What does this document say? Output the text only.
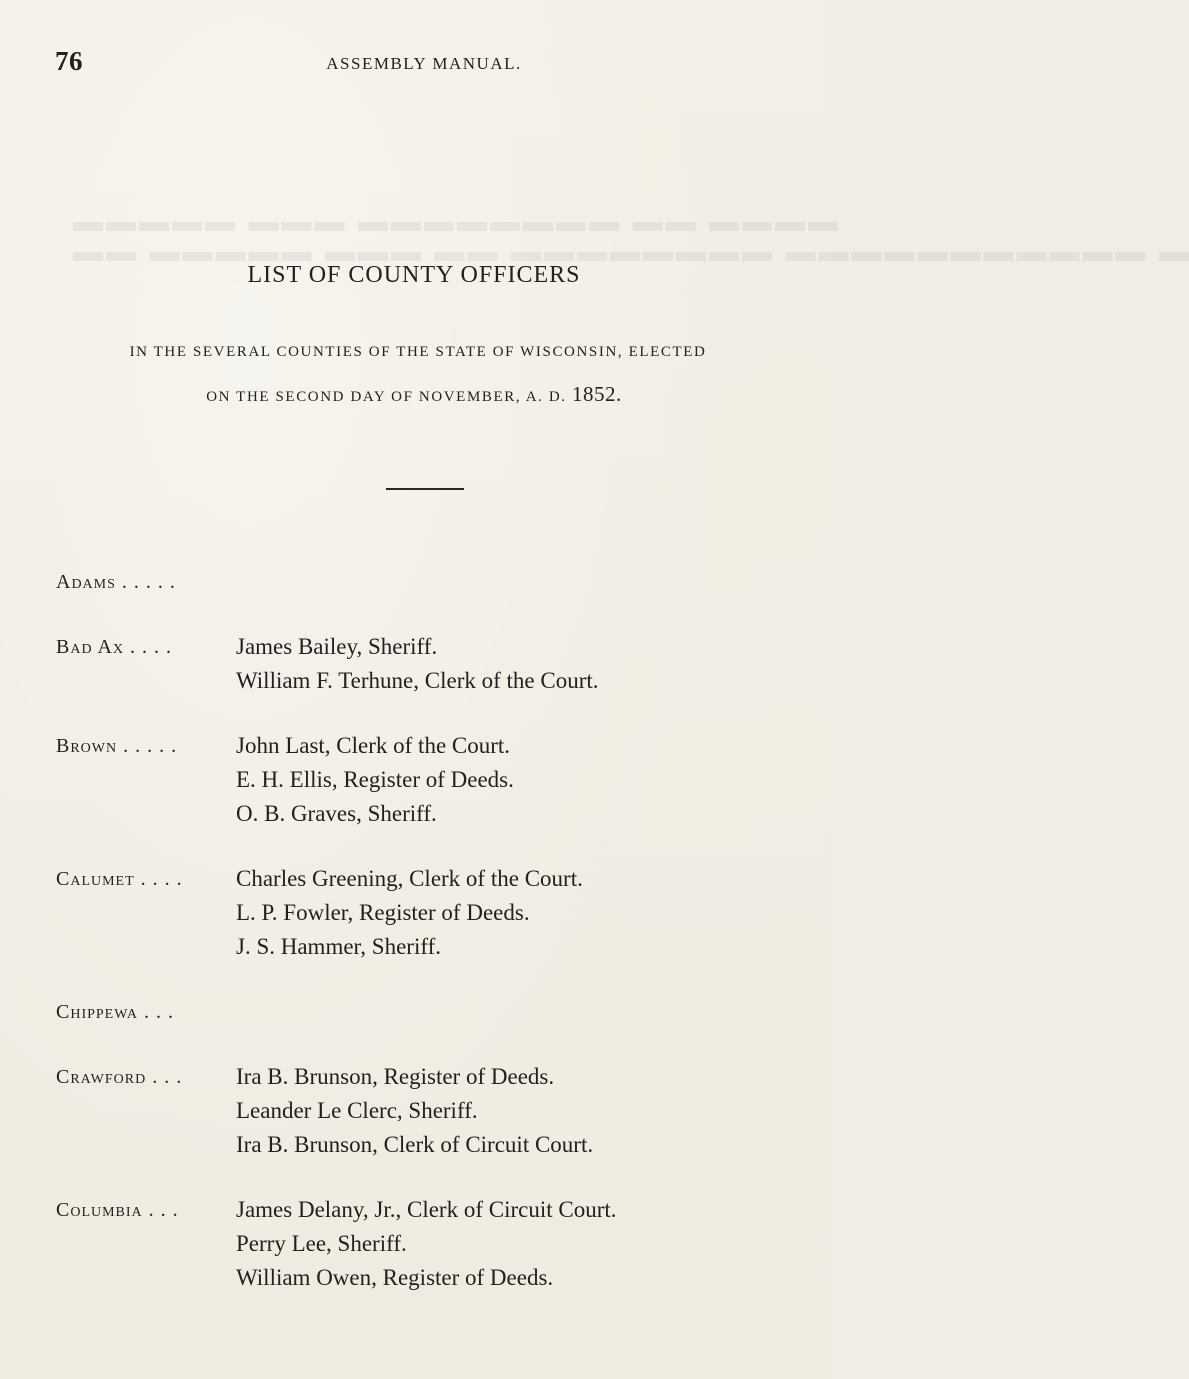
▬▬▬▬ ▬▬ ▬▬▬▬▬▬▬▬ ▬▬▬ ▬▬▬▬▬
▬ ▬▬▬▬▬▬▬▬▬▬▬ ▬▬▬▬▬▬▬▬ ▬▬ ▬▬▬ ▬▬▬▬▬ ▬▬
76	ASSEMBLY MANUAL.
LIST OF COUNTY OFFICERS
IN THE SEVERAL COUNTIES OF THE STATE OF WISCONSIN, ELECTED
ON THE SECOND DAY OF NOVEMBER, A. D. 1852.
Adams . . . . .
Bad Ax . . . .	James Bailey, Sheriff.
William F. Terhune, Clerk of the Court.
Brown . . . . .	John Last, Clerk of the Court.
E. H. Ellis, Register of Deeds.
O. B. Graves, Sheriff.
Calumet . . . .	Charles Greening, Clerk of the Court.
L. P. Fowler, Register of Deeds.
J. S. Hammer, Sheriff.
Chippewa . . .
Crawford . . .	Ira B. Brunson, Register of Deeds.
Leander Le Clerc, Sheriff.
Ira B. Brunson, Clerk of Circuit Court.
Columbia . . .	James Delany, Jr., Clerk of Circuit Court.
Perry Lee, Sheriff.
William Owen, Register of Deeds.
